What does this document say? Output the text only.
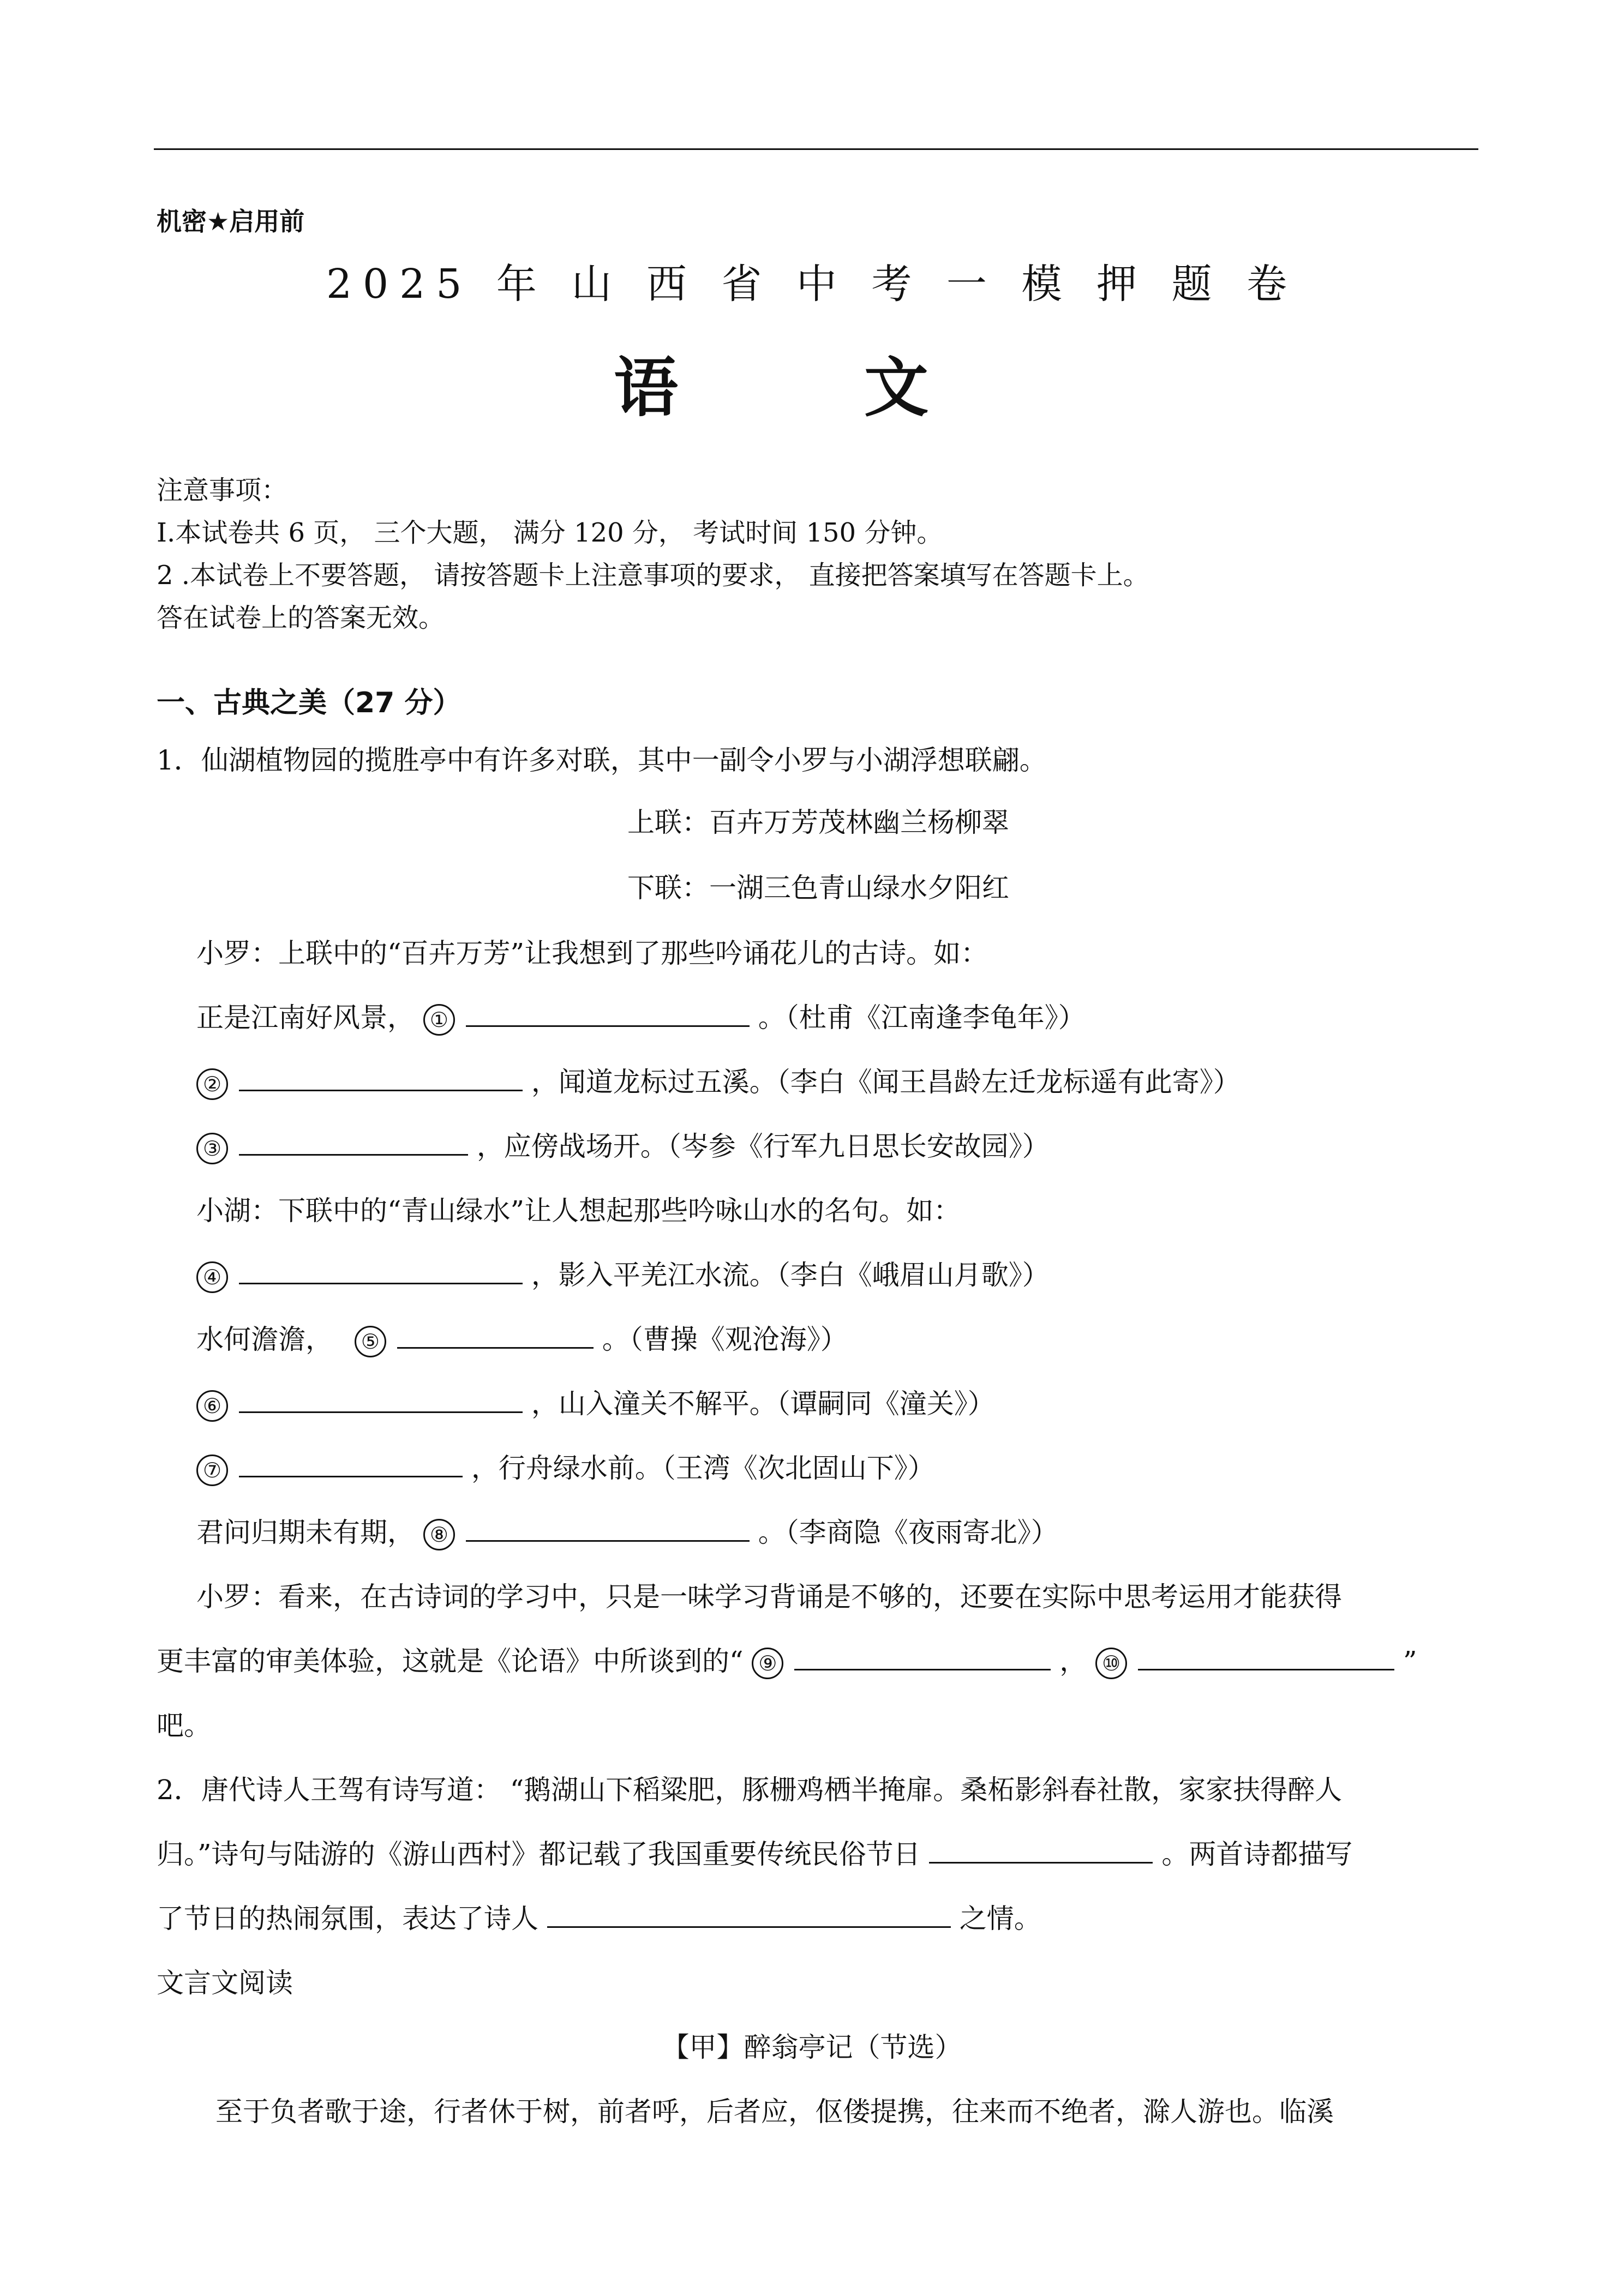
机密★启用前
2025 年 山 西 省 中 考 一 模 押 题 卷
语 文
注意事项：
I.本试卷共 6 页， 三个大题， 满分 120 分， 考试时间 150 分钟。
2 .本试卷上不要答题， 请按答题卡上注意事项的要求， 直接把答案填写在答题卡上。
答在试卷上的答案无效。
一、古典之美（27 分）
1．仙湖植物园的揽胜亭中有许多对联，其中一副令小罗与小湖浮想联翩。
上联：百卉万芳茂林幽兰杨柳翠
下联：一湖三色青山绿水夕阳红
小罗：上联中的“百卉万芳”让我想到了那些吟诵花儿的古诗。如：
正是江南好风景， ①	。（杜甫《江南逢李龟年》）
②	，闻道龙标过五溪。（李白《闻王昌龄左迁龙标遥有此寄》）
③	，应傍战场开。（岑参《行军九日思长安故园》）
小湖：下联中的“青山绿水”让人想起那些吟咏山水的名句。如：
④	，影入平羌江水流。（李白《峨眉山月歌》）
水何澹澹， ⑤	。（曹操《观沧海》）
⑥	，山入潼关不解平。（谭嗣同《潼关》）
⑦	，行舟绿水前。（王湾《次北固山下》）
君问归期未有期， ⑧	。（李商隐《夜雨寄北》）
小罗：看来，在古诗词的学习中，只是一味学习背诵是不够的，还要在实际中思考运用才能获得
更丰富的审美体验，这就是《论语》中所谈到的“ ⑨	， ⑩	”
吧。
2．唐代诗人王驾有诗写道： “鹅湖山下稻粱肥，豚栅鸡栖半掩扉。桑柘影斜春社散，家家扶得醉人
归。”诗句与陆游的《游山西村》都记载了我国重要传统民俗节日	。两首诗都描写
了节日的热闹氛围，表达了诗人	之情。
文言文阅读
【甲】醉翁亭记（节选）
至于负者歌于途，行者休于树，前者呼，后者应，伛偻提携，往来而不绝者，滁人游也。临溪
